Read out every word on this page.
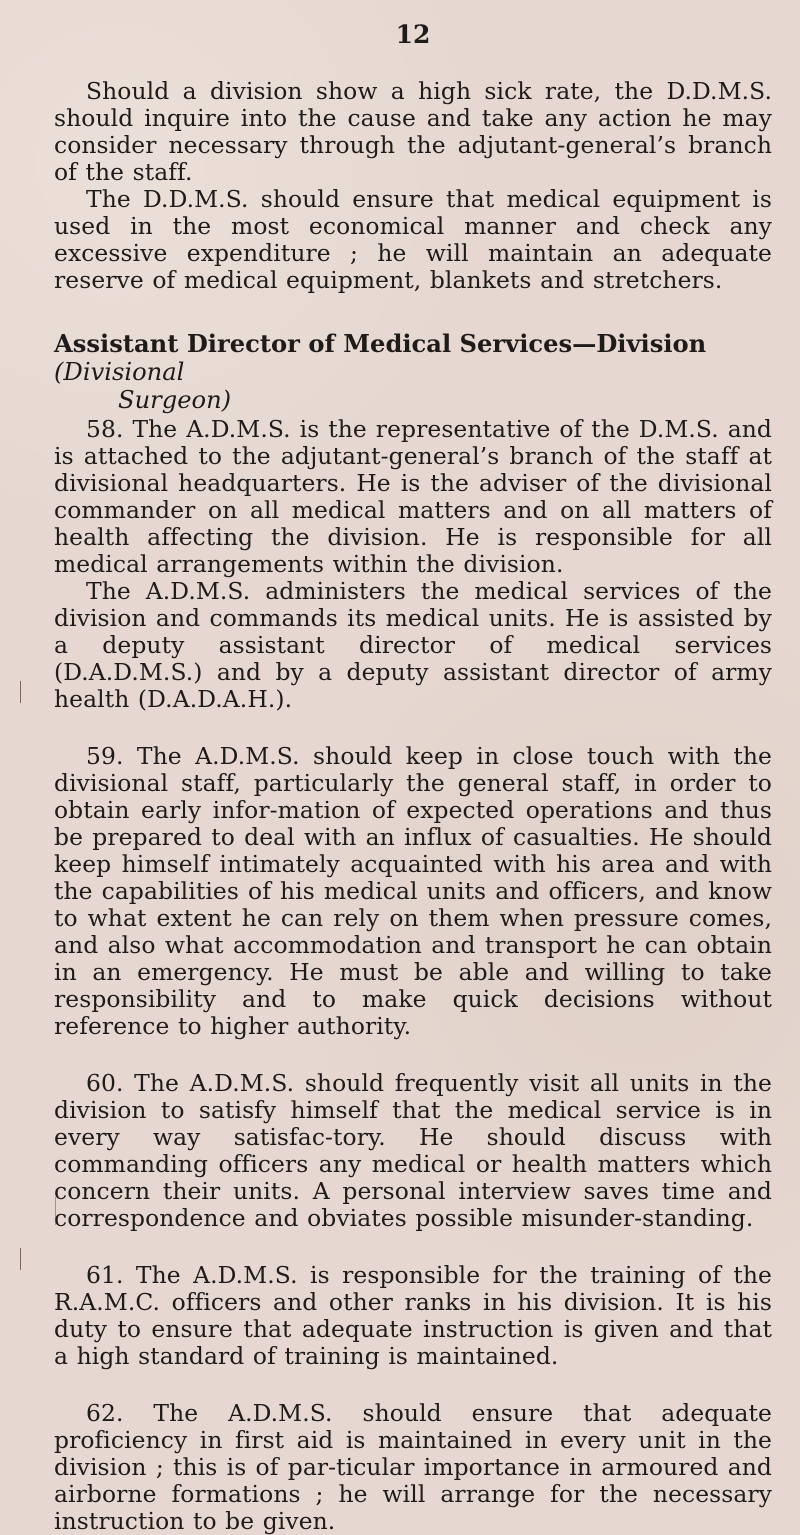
12

Should a division show a high sick rate, the D.D.M.S. should inquire into the cause and take any action he may consider necessary through the adjutant-general’s branch of the staff.

The D.D.M.S. should ensure that medical equipment is used in the most economical manner and check any excessive expenditure ; he will maintain an adequate reserve of medical equipment, blankets and stretchers.

Assistant Director of Medical Services—Division (Divisional
Surgeon)

58. The A.D.M.S. is the representative of the D.M.S. and is attached to the adjutant-general’s branch of the staff at divisional headquarters. He is the adviser of the divisional commander on all medical matters and on all matters of health affecting the division. He is responsible for all medical arrangements within the division.

The A.D.M.S. administers the medical services of the division and commands its medical units. He is assisted by a deputy assistant director of medical services (D.A.D.M.S.) and by a deputy assistant director of army health (D.A.D.A.H.).

59. The A.D.M.S. should keep in close touch with the divisional staff, particularly the general staff, in order to obtain early infor-mation of expected operations and thus be prepared to deal with an influx of casualties. He should keep himself intimately acquainted with his area and with the capabilities of his medical units and officers, and know to what extent he can rely on them when pressure comes, and also what accommodation and transport he can obtain in an emergency. He must be able and willing to take responsibility and to make quick decisions without reference to higher authority.

60. The A.D.M.S. should frequently visit all units in the division to satisfy himself that the medical service is in every way satisfac-tory. He should discuss with commanding officers any medical or health matters which concern their units. A personal interview saves time and correspondence and obviates possible misunder-standing.

61. The A.D.M.S. is responsible for the training of the R.A.M.C. officers and other ranks in his division. It is his duty to ensure that adequate instruction is given and that a high standard of training is maintained.

62. The A.D.M.S. should ensure that adequate proficiency in first aid is maintained in every unit in the division ; this is of par-ticular importance in armoured and airborne formations ; he will arrange for the necessary instruction to be given.
